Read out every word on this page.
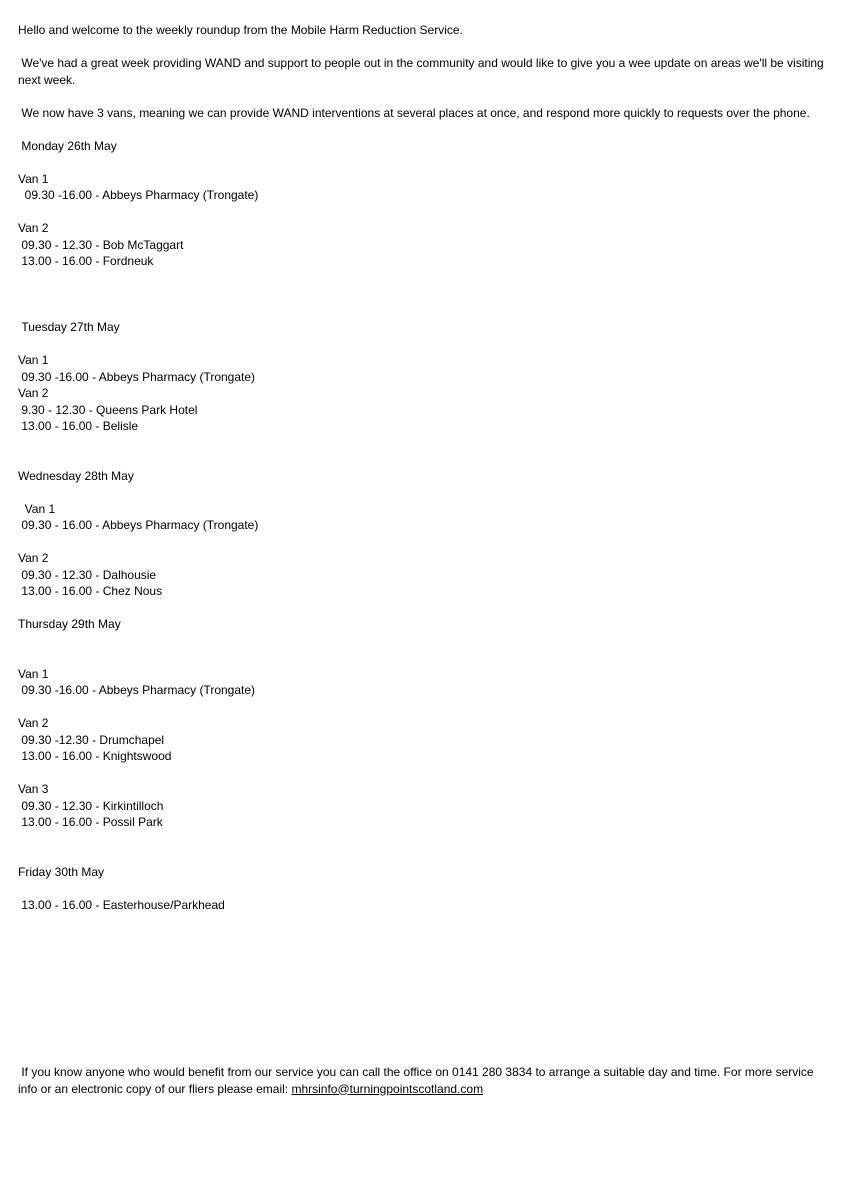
Hello and welcome to the weekly roundup from the Mobile Harm Reduction Service.
We've had a great week providing WAND and support to people out in the community and would like to give you a wee update on areas we'll be visiting next week.
We now have 3 vans, meaning we can provide WAND interventions at several places at once, and respond more quickly to requests over the phone.
Monday 26th May
Van 1
09.30 -16.00 - Abbeys Pharmacy (Trongate)
Van 2
09.30 - 12.30 - Bob McTaggart
13.00 - 16.00 - Fordneuk
Tuesday 27th May
Van 1
09.30 -16.00 - Abbeys Pharmacy (Trongate)
Van 2
9.30 - 12.30 - Queens Park Hotel
13.00 - 16.00 - Belisle
Wednesday 28th May
Van 1
09.30 - 16.00 - Abbeys Pharmacy (Trongate)
Van 2
09.30 - 12.30 - Dalhousie
13.00 - 16.00 - Chez Nous
Thursday 29th May
Van 1
09.30 -16.00 - Abbeys Pharmacy (Trongate)
Van 2
09.30 -12.30 - Drumchapel
13.00 - 16.00 - Knightswood
Van 3
09.30 - 12.30 - Kirkintilloch
13.00 - 16.00 - Possil Park
Friday 30th May
13.00 - 16.00 - Easterhouse/Parkhead
If you know anyone who would benefit from our service you can call the office on 0141 280 3834 to arrange a suitable day and time. For more service info or an electronic copy of our fliers please email: mhrsinfo@turningpointscotland.com
